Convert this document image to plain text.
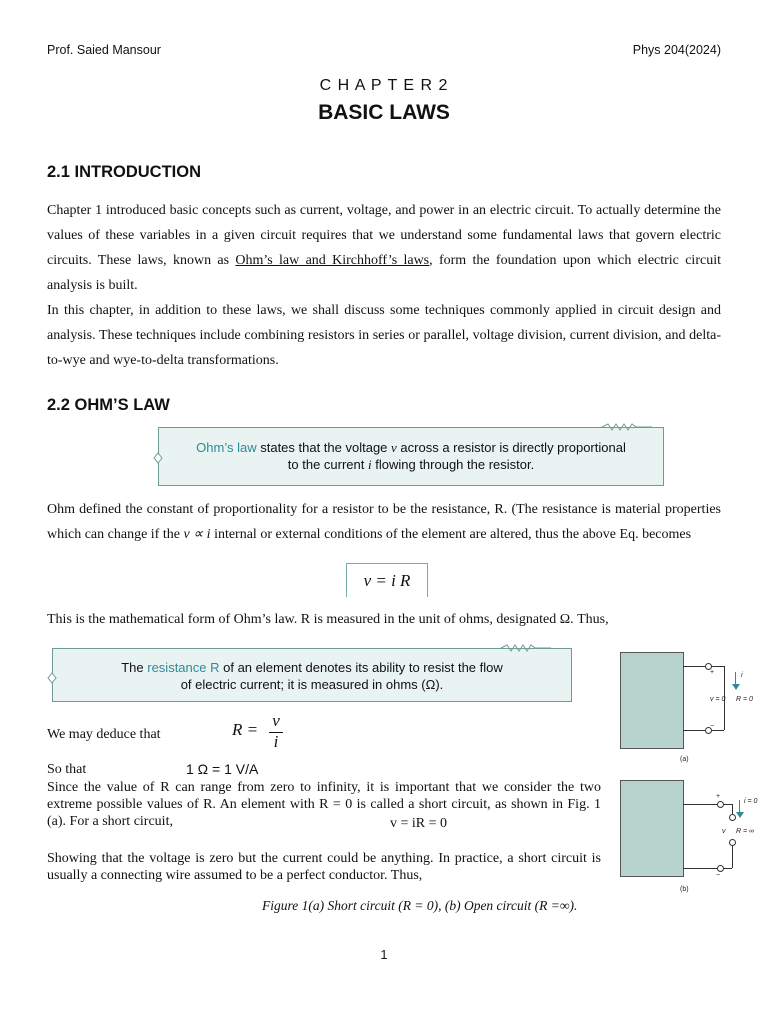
Prof. Saied Mansour	Phys 204(2024)
C H A P T E R 2
BASIC LAWS
2.1 INTRODUCTION

Chapter 1 introduced basic concepts such as current, voltage, and power in an electric circuit. To actually determine the values of these variables in a given circuit requires that we understand some fundamental laws that govern electric circuits. These laws, known as Ohm’s law and Kirchhoff’s laws, form the foundation upon which electric circuit analysis is built.

In this chapter, in addition to these laws, we shall discuss some techniques commonly applied in circuit design and analysis. These techniques include combining resistors in series or parallel, voltage division, current division, and delta-to-wye and wye-to-delta transformations.

2.2 OHM’S LAW
Ohm’s law states that the voltage v across a resistor is directly proportional
to the current i flowing through the resistor.

Ohm defined the constant of proportionality for a resistor to be the resistance, R. (The resistance is material properties which can change if the v ∝ i internal or external conditions of the element are altered, thus the above Eq. becomes

v = i R
This is the mathematical form of Ohm’s law. R is measured in the unit of ohms, designated Ω. Thus,
The resistance R of an element denotes its ability to resist the flow
of electric current; it is measured in ohms (Ω).
We may deduce that	R = v
i
So that	1 Ω = 1 V/A
Since the value of R can range from zero to infinity, it is important that we consider the two extreme possible values of R. An element with R = 0 is called a short circuit, as shown in Fig. 1 (a). For a short circuit,	v = iR = 0
Showing that the voltage is zero but the current could be anything. In practice, a short circuit is usually a connecting wire assumed to be a perfect conductor. Thus,
Figure 1(a) Short circuit (R = 0), (b) Open circuit (R =∞).
+
−
i
v = 0 R = 0
(a)
+
−
i = 0
v R = ∞
(b)
1
